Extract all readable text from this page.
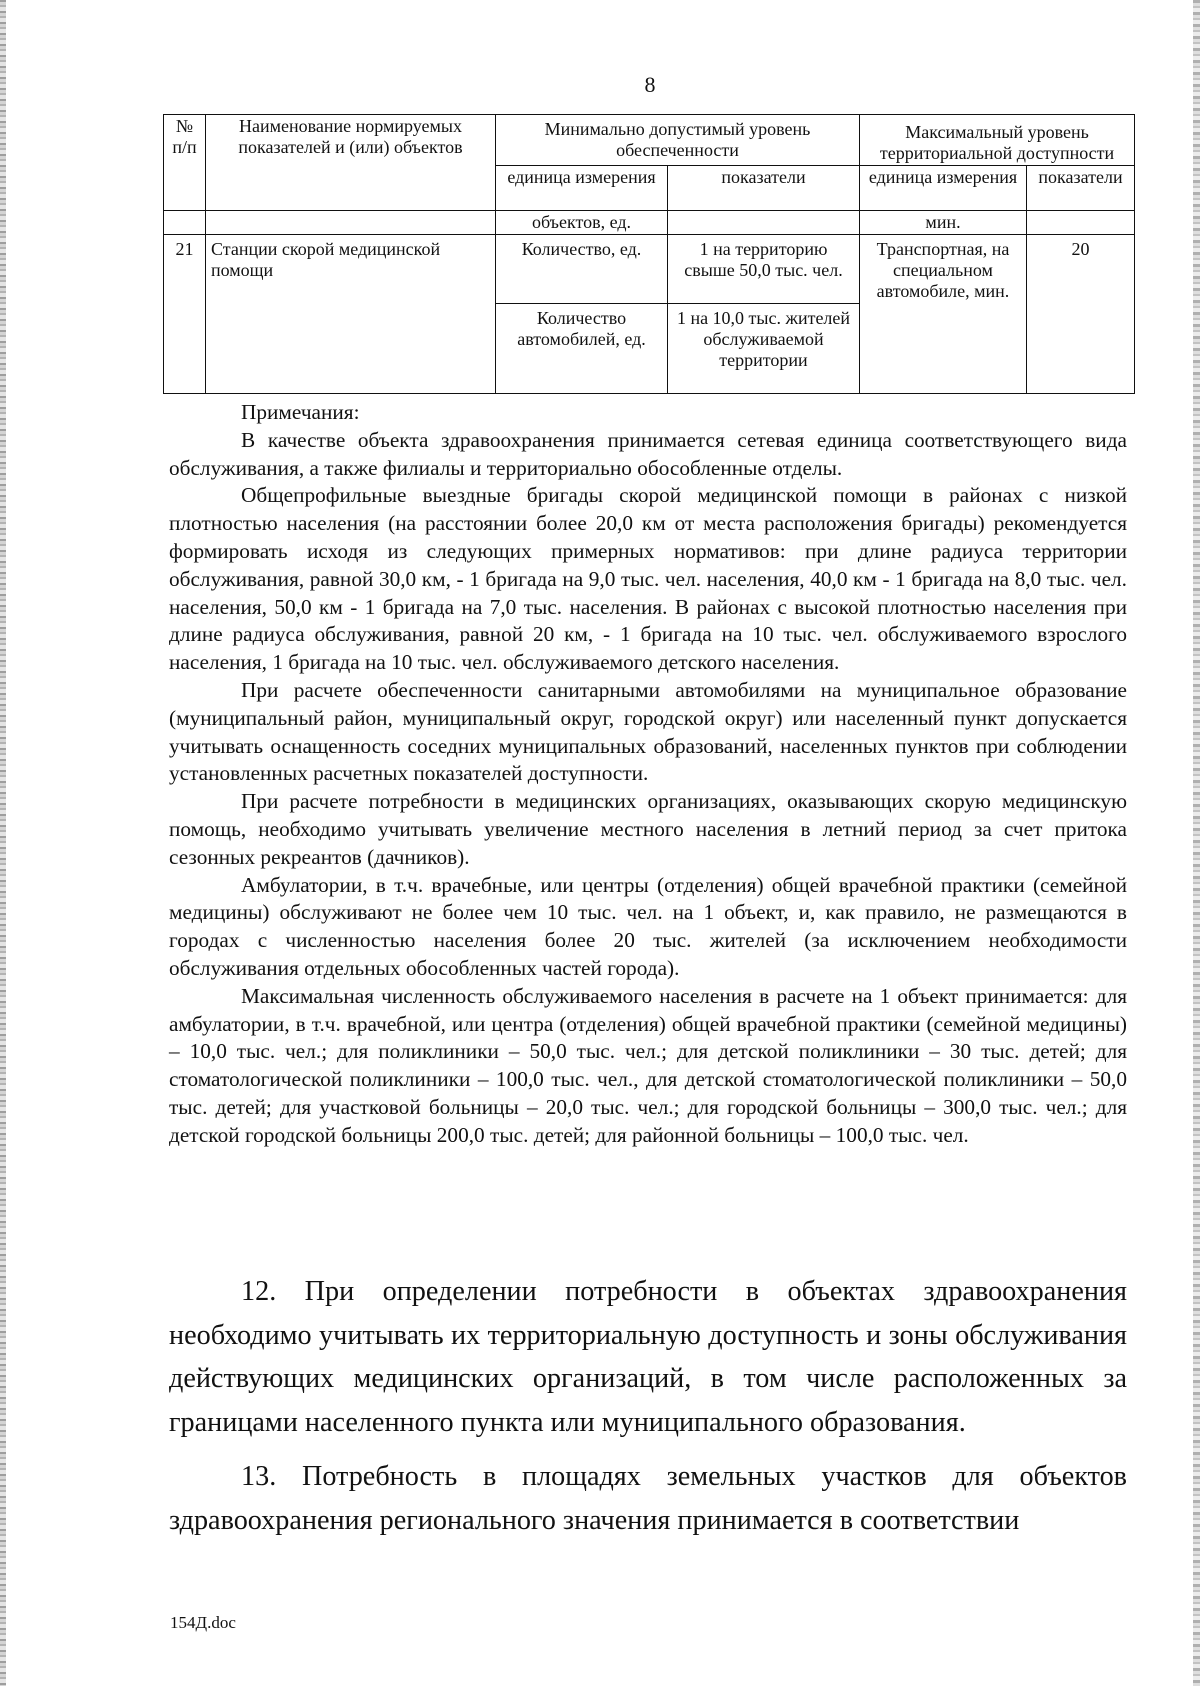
8
№ п/п	Наименование нормируемых показателей и (или) объектов	Минимально допустимый уровень обеспеченности		Максимальный уровень территориальной доступности	
		единица измерения	показатели	единица измерения	показатели
		объектов, ед.		мин.	
21	Станции скорой медицинской помощи	Количество, ед.	1 на территорию свыше 50,0 тыс. чел.	Транспортная, на специальном автомобиле, мин.	20
		Количество автомобилей, ед.	1 на 10,0 тыс. жителей обслуживаемой территории		

Примечания:

В качестве объекта здравоохранения принимается сетевая единица соответствующего вида обслуживания, а также филиалы и территориально обособленные отделы.

Общепрофильные выездные бригады скорой медицинской помощи в районах с низкой плотностью населения (на расстоянии более 20,0 км от места расположения бригады) рекомендуется формировать исходя из следующих примерных нормативов: при длине радиуса территории обслуживания, равной 30,0 км, - 1 бригада на 9,0 тыс. чел. населения, 40,0 км - 1 бригада на 8,0 тыс. чел. населения, 50,0 км - 1 бригада на 7,0 тыс. населения. В районах с высокой плотностью населения при длине радиуса обслуживания, равной 20 км, - 1 бригада на 10 тыс. чел. обслуживаемого взрослого населения, 1 бригада на 10 тыс. чел. обслуживаемого детского населения.

При расчете обеспеченности санитарными автомобилями на муниципальное образование (муниципальный район, муниципальный округ, городской округ) или населенный пункт допускается учитывать оснащенность соседних муниципальных образований, населенных пунктов при соблюдении установленных расчетных показателей доступности.

При расчете потребности в медицинских организациях, оказывающих скорую медицинскую помощь, необходимо учитывать увеличение местного населения в летний период за счет притока сезонных рекреантов (дачников).

Амбулатории, в т.ч. врачебные, или центры (отделения) общей врачебной практики (семейной медицины) обслуживают не более чем 10 тыс. чел. на 1 объект, и, как правило, не размещаются в городах с численностью населения более 20 тыс. жителей (за исключением необходимости обслуживания отдельных обособленных частей города).

Максимальная численность обслуживаемого населения в расчете на 1 объект принимается: для амбулатории, в т.ч. врачебной, или центра (отделения) общей врачебной практики (семейной медицины) – 10,0 тыс. чел.; для поликлиники – 50,0 тыс. чел.; для детской поликлиники – 30 тыс. детей; для стоматологической поликлиники – 100,0 тыс. чел., для детской стоматологической поликлиники – 50,0 тыс. детей; для участковой больницы – 20,0 тыс. чел.; для городской больницы – 300,0 тыс. чел.; для детской городской больницы 200,0 тыс. детей; для районной больницы – 100,0 тыс. чел.

12. При определении потребности в объектах здравоохранения необходимо учитывать их территориальную доступность и зоны обслуживания действующих медицинских организаций, в том числе расположенных за границами населенного пункта или муниципального образования.

13. Потребность в площадях земельных участков для объектов здравоохранения регионального значения принимается в соответствии

154Д.doc
